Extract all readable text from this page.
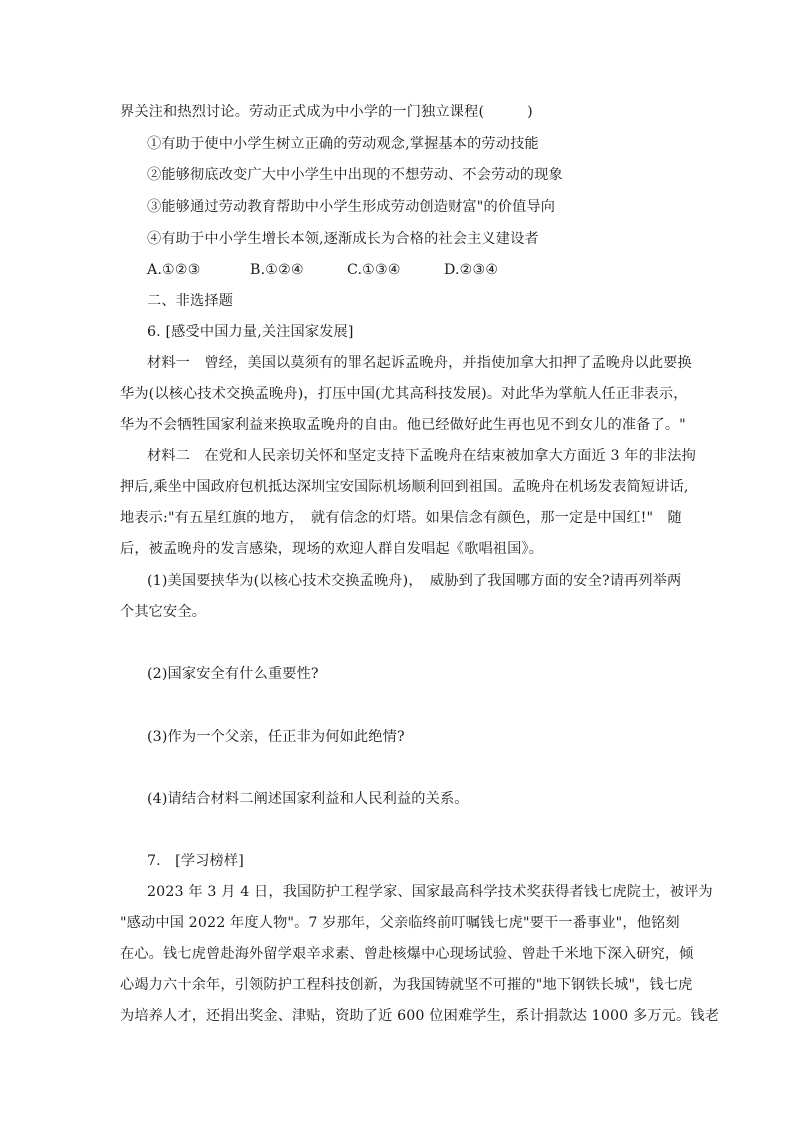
界关注和热烈讨论。劳动正式成为中小学的一门独立课程(　　　)
①有助于使中小学生树立正确的劳动观念,掌握基本的劳动技能
②能够彻底改变广大中小学生中出现的不想劳动、不会劳动的现象
③能够通过劳动教育帮助中小学生形成劳动创造财富"的价值导向
④有助于中小学生增长本领,逐渐成长为合格的社会主义建设者
A.①②③	B.①②④	C.①③④	D.②③④
二、非选择题
6. [感受中国力量,关注国家发展]
材料一　曾经，美国以莫须有的罪名起诉孟晚舟，并指使加拿大扣押了孟晚舟以此要换
华为(以核心技术交换孟晚舟)，打压中国(尤其高科技发展)。对此华为掌航人任正非表示，
华为不会牺牲国家利益来换取孟晚舟的自由。他已经做好此生再也见不到女儿的准备了。"
材料二　在党和人民亲切关怀和坚定支持下孟晚舟在结束被加拿大方面近 3 年的非法拘
押后,乘坐中国政府包机抵达深圳宝安国际机场顺利回到祖国。孟晚舟在机场发表简短讲话,
地表示:"有五星红旗的地方，　就有信念的灯塔。如果信念有颜色，那一定是中国红!"　随
后，被孟晚舟的发言感染，现场的欢迎人群自发唱起《歌唱祖国》。
(1)美国要挟华为(以核心技术交换孟晚舟)，　威胁到了我国哪方面的安全?请再列举两
个其它安全。
(2)国家安全有什么重要性?
(3)作为一个父亲，任正非为何如此绝情?
(4)请结合材料二阐述国家利益和人民利益的关系。
7.　[学习榜样]
2023 年 3 月 4 日，我国防护工程学家、国家最高科学技术奖获得者钱七虎院士，被评为
"感动中国 2022 年度人物"。7 岁那年，父亲临终前叮嘱钱七虎"要干一番事业"，他铭刻
在心。钱七虎曾赴海外留学艰辛求素、曾赴核爆中心现场试验、曾赴千米地下深入研究，倾
心竭力六十余年，引领防护工程科技创新，为我国铸就坚不可摧的"地下钢铁长城"，钱七虎
为培养人才，还捐出奖金、津贴，资助了近 600 位困难学生，系计捐款达 1000 多万元。钱老
